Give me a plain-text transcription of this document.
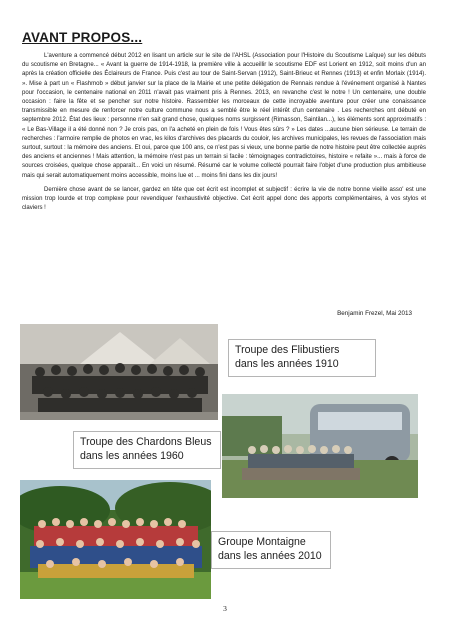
AVANT PROPOS...

L'aventure a commencé début 2012 en lisant un article sur le site de l'AHSL (Association pour l'Histoire du Scoutisme Laïque) sur les débuts du scoutisme en Bretagne... « Avant la guerre de 1914-1918, la première ville à accueillir le scoutisme EDF est Lorient en 1912, soit moins d'un an après la création officielle des Éclaireurs de France. Puis c'est au tour de Saint-Servan (1912), Saint-Brieuc et Rennes (1913) et enfin Morlaix (1914). ». Mise à part un « Flashmob » début janvier sur la place de la Mairie et une petite délégation de Rennais rendue à l'événement organisé à Nantes pour l'occasion, le centenaire national en 2011 n'avait pas vraiment pris à Rennes. 2013, en revanche c'est le notre ! Un centenaire, une double occasion : faire la fête et se pencher sur notre histoire. Rassembler les morceaux de cette incroyable aventure pour créer une conaissance transmissible en mesure de renforcer notre culture commune nous a semblé être le réel intérêt d'un centenaire . Les recherches ont débuté en septembre 2012. État des lieux : personne n'en sait grand chose, quelques noms surgissent (Rimasson, Saintilan...), les éléments sont approximatifs : « Le Bas-Village il a été donné non ? Je crois pas, on l'a acheté en plein de fois ! Vous êtes sûrs ? » Les dates ...aucune bien sérieuse. Le terrain de recherches : l'armoire remplie de photos en vrac, les kilos d'archives des placards du couloir, les archives municipales, les revues de l'association mais surtout, surtout : la mémoire des anciens. Et oui, parce que 100 ans, ce n'est pas si vieux, une bonne partie de notre histoire peut être collectée auprès des anciens et anciennes ! Mais attention, la mémoire n'est pas un terrain si facile : témoignages contradictoires, histoire « refaite »... mais à force de sources croisées, quelque chose apparaît... En voici un résumé. Résumé car le volume collecté pourrait faire l'objet d'une production plus ambitieuse mais qui serait automatiquement moins accessible, moins lue et ... moins fini dans les dix jours!

Dernière chose avant de se lancer, gardez en tête que cet écrit est incomplet et subjectif : écrire la vie de notre bonne vieille asso' est une mission trop lourde et trop complexe pour revendiquer l'exhaustivité objective. Cet écrit appel donc des apports complémentaires, à vos stylos et claviers !

Benjamin Frezel, Mai 2013
Troupe des Flibustiers
dans les années 1910
Troupe des Chardons Bleus
dans les années 1960
Groupe Montaigne
dans les années 2010
3
